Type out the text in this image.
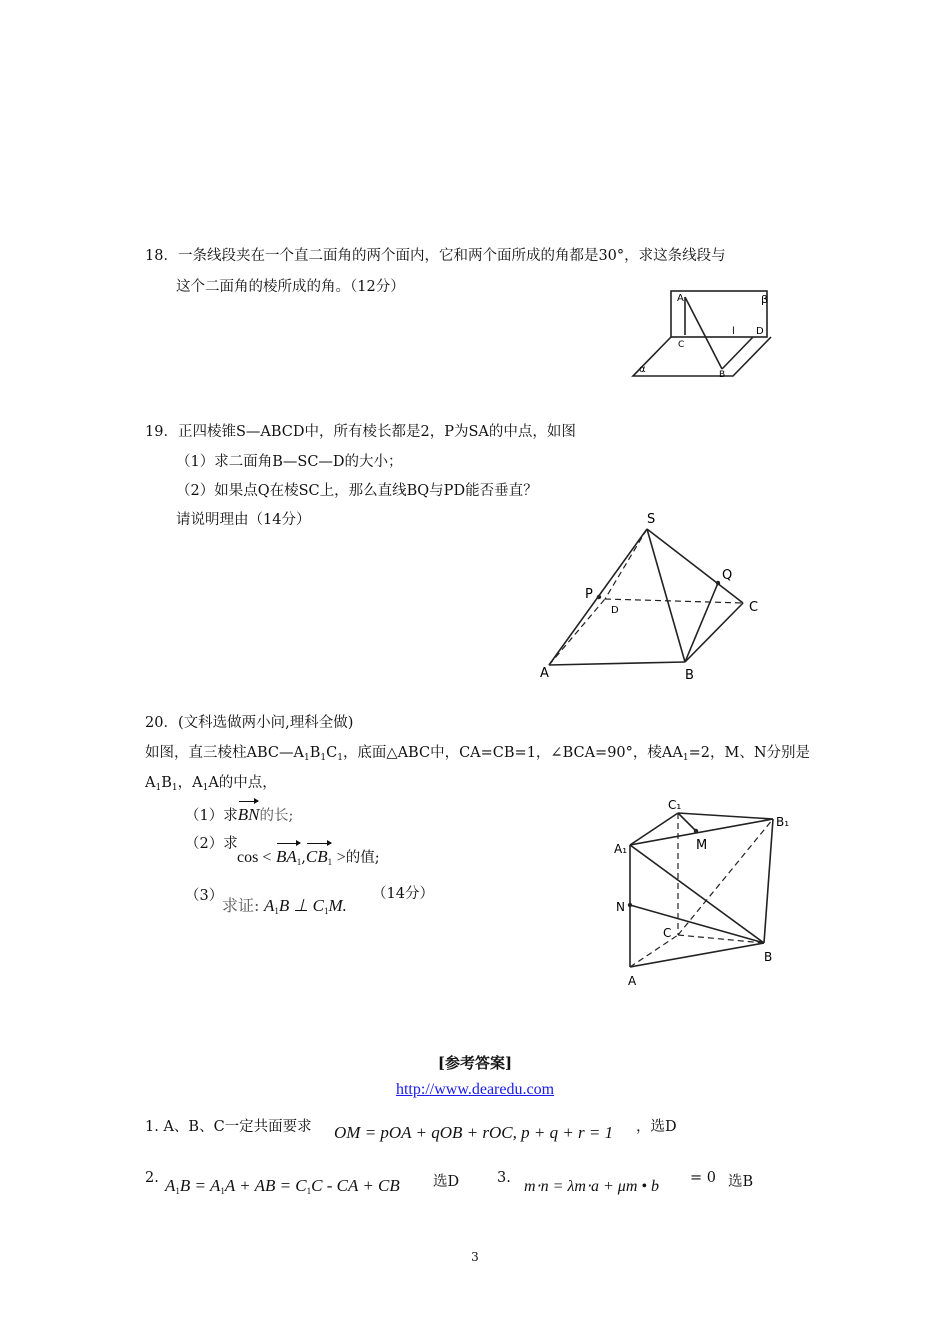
18．一条线段夹在一个直二面角的两个面内，它和两个面所成的角都是30°，求这条线段与
这个二面角的棱所成的角。（12分）
A
C
B
D
l
β
α
19．正四棱锥S—ABCD中，所有棱长都是2，P为SA的中点，如图
（1）求二面角B—SC—D的大小；
（2）如果点Q在棱SC上，那么直线BQ与PD能否垂直？
请说明理由（14分）	S
Q
P
D	C
A	B
20．(文科选做两小问,理科全做)
如图，直三棱柱$ABC—A_1B_1C_1$，底面△ABC中，CA=CB=1，∠BCA=90°，棱$AA_1=2$，M、N分别是
$A_1B_1$，$A_1A$的中点，
（1）求BN的长;
（2）求
$\cos < BA_1,CB_1$ >的值;
（3）
求证: $A_1B$ ⊥ $C_1M$.
（14分）
C₁
B₁
A₁	M
N
C
B
A
[参考答案]
http://www.dearedu.com
1. A、B、C一定共面要求 OM = pOA + qOB + rOC, p + q + r = 1 ，选D
2. $A_1B = A_1A$ + AB = $C_1C$ - CA + CB 选D	3. m⋅n = λm⋅a + μm • b = 0 选B
3
